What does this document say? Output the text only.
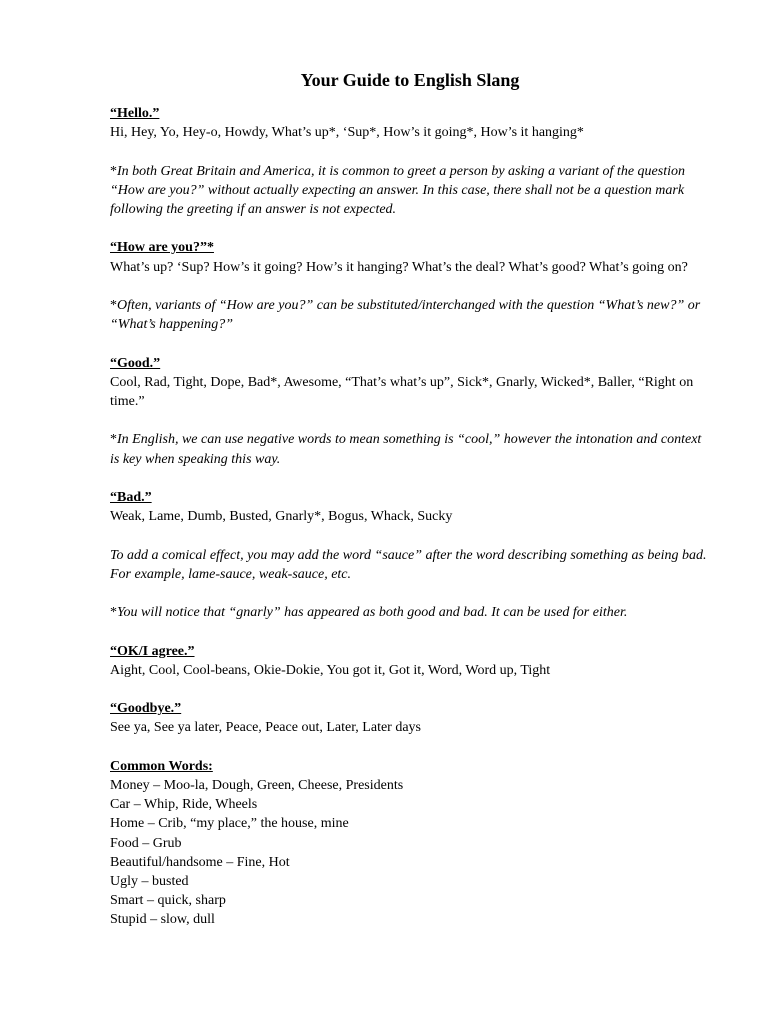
Your Guide to English Slang

“Hello.”

Hi, Hey, Yo, Hey-o, Howdy, What’s up*, ‘Sup*, How’s it going*, How’s it hanging*

*In both Great Britain and America, it is common to greet a person by asking a variant of the question “How are you?” without actually expecting an answer. In this case, there shall not be a question mark following the greeting if an answer is not expected.

“How are you?”*

What’s up? ‘Sup? How’s it going? How’s it hanging? What’s the deal? What’s good? What’s going on?

*Often, variants of “How are you?” can be substituted/interchanged with the question “What’s new?” or “What’s happening?”

“Good.”

Cool, Rad, Tight, Dope, Bad*, Awesome, “That’s what’s up”, Sick*, Gnarly, Wicked*, Baller, “Right on time.”

*In English, we can use negative words to mean something is “cool,” however the intonation and context is key when speaking this way.

“Bad.”

Weak, Lame, Dumb, Busted, Gnarly*, Bogus, Whack, Sucky

To add a comical effect, you may add the word “sauce” after the word describing something as being bad. For example, lame-sauce, weak-sauce, etc.

*You will notice that “gnarly” has appeared as both good and bad. It can be used for either.

“OK/I agree.”

Aight, Cool, Cool-beans, Okie-Dokie, You got it, Got it, Word, Word up, Tight

“Goodbye.”

See ya, See ya later, Peace, Peace out, Later, Later days

Common Words:

Money – Moo-la, Dough, Green, Cheese, Presidents

Car – Whip, Ride, Wheels

Home – Crib, “my place,” the house, mine

Food – Grub

Beautiful/handsome – Fine, Hot

Ugly – busted

Smart – quick, sharp

Stupid – slow, dull
